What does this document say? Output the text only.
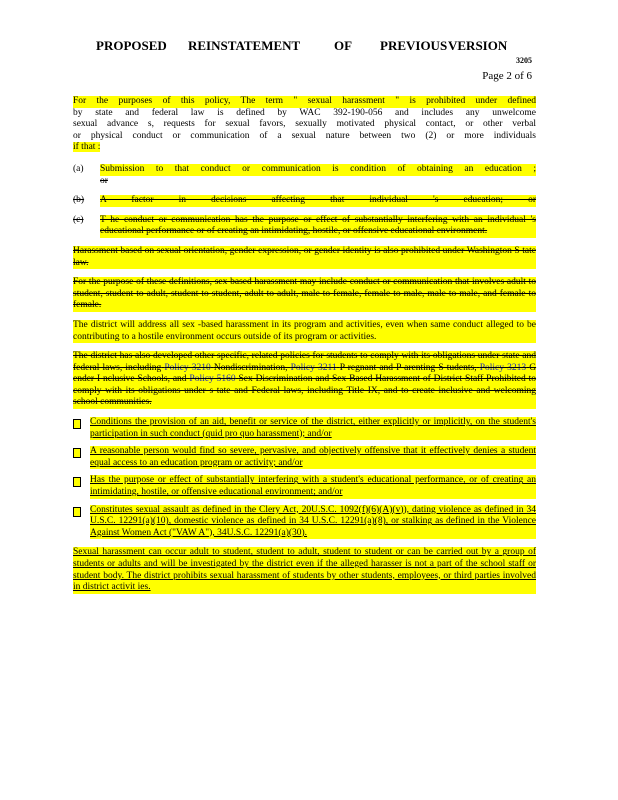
PROPOSED REINSTATEMENT	OF PREVIOUS VERSION
3205
Page 2 of 6

For the purposes of this policy, The term " sexual harassment " is prohibited under defined
by state and federal law is defined by WAC 392-190-056 and includes any unwelcome
sexual advance s, requests for sexual favors, sexually motivated physical contact, or other verbal
or physical conduct or communication of a sexual nature between two (2) or more individuals
if that :

(a) Submission to that conduct or communication is condition of obtaining an education ;
or
(b) A factor in decisions affecting that individual 's education; or
(c) T he conduct or communication has the purpose or effect of substantially interfering with an individual 's educational performance or of creating an intimidating, hostile, or offensive educational environment.

Harassment based on sexual orientation, gender expression, or gender identity is also prohibited under Washington S tate law.

For the purpose of these definitions, sex based harassment may include conduct or communication that involves adult to student, student to adult, student to student, adult to adult, male to female, female to male, male to male, and female to female.

The district will address all sex -based harassment in its program and activities, even when same conduct alleged to be contributing to a hostile environment occurs outside of its program or activities.

The district has also developed other specific, related policies for students to comply with its obligations under state and federal laws, including Policy 3210 Nondiscrimination, Policy 3211 P regnant and P arenting S tudents, Policy 3213 G ender I nclusive Schools, and Policy 5160 Sex Discrimination and Sex Based Harassment of District Staff Prohibited to comply with its obligations under s tate and Federal laws, including Title IX, and to create inclusive and welcoming school communities.

Conditions the provision of an aid, benefit or service of the district, either explicitly or implicitly, on the student's participation in such conduct (quid pro quo harassment); and/or
A reasonable person would find so severe, pervasive, and objectively offensive that it effectively denies a student equal access to an education program or activity; and/or
Has the purpose or effect of substantially interfering with a student's educational performance, or of creating an intimidating, hostile, or offensive educational environment; and/or
Constitutes sexual assault as defined in the Clery Act, 20U.S.C. 1092(f)(6)(A)(v)), dating violence as defined in 34 U.S.C. 12291(a)(10), domestic violence as defined in 34 U.S.C. 12291(a)(8), or stalking as defined in the Violence Against Women Act ("VAW A"), 34U.S.C. 12291(a)(30).

Sexual harassment can occur adult to student, student to adult, student to student or can be carried out by a group of students or adults and will be investigated by the district even if the alleged harasser is not a part of the school staff or student body. The district prohibits sexual harassment of students by other students, employees, or third parties involved in district activit ies.
